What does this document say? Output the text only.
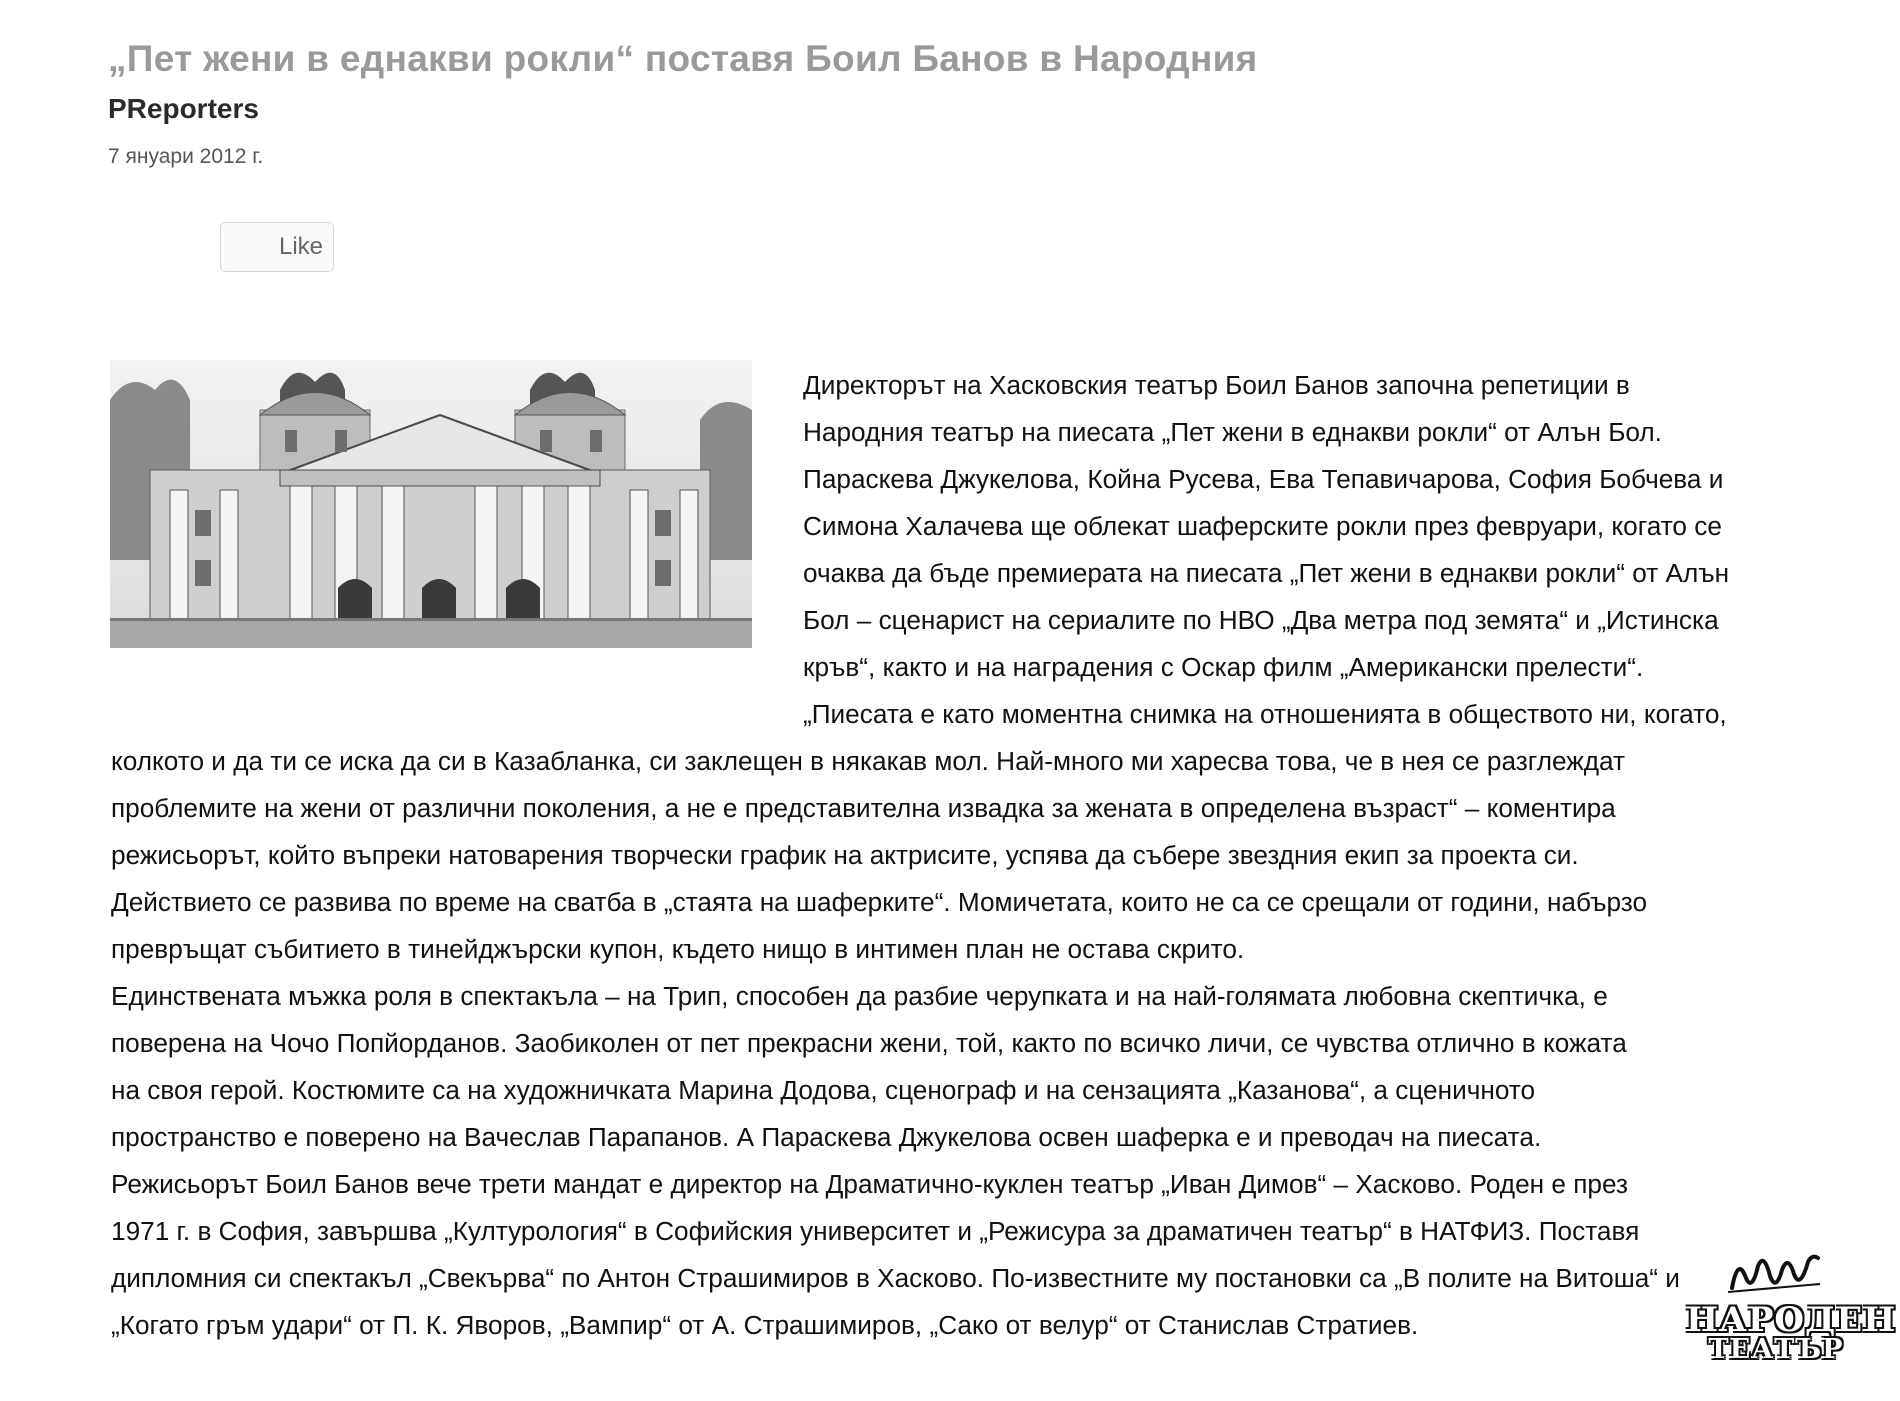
„Пет жени в еднакви рокли“ поставя Боил Банов в Народния
PReporters
7 януари 2012 г.
Like

Директорът на Хасковския театър Боил Банов започна репетиции в
Народния театър на пиесата „Пет жени в еднакви рокли“ от Алън Бол.
Параскева Джукелова, Койна Русева, Ева Тепавичарова, София Бобчева и
Симона Халачева ще облекат шаферските рокли през февруари, когато се
очаква да бъде премиерата на пиесата „Пет жени в еднакви рокли“ от Алън
Бол – сценарист на сериалите по НВО „Два метра под земята“ и „Истинска
кръв“, както и на наградения с Оскар филм „Американски прелести“.

„Пиесата е като моментна снимка на отношенията в обществото ни, когато,
колкото и да ти се иска да си в Казабланка, си заклещен в някакав мол. Най-много ми харесва това, че в нея се разглеждат
проблемите на жени от различни поколения, а не е представителна извадка за жената в определена възраст“ – коментира
режисьорът, който въпреки натоварения творчески график на актрисите, успява да събере звездния екип за проекта си.
Действието се развива по време на сватба в „стаята на шаферките“. Момичетата, които не са се срещали от години, набързо
превръщат събитието в тинейджърски купон, където нищо в интимен план не остава скрито.

Единствената мъжка роля в спектакъла – на Трип, способен да разбие черупката и на най-голямата любовна скептичка, е
поверена на Чочо Попйорданов. Заобиколен от пет прекрасни жени, той, както по всичко личи, се чувства отлично в кожата
на своя герой. Костюмите са на художничката Марина Додова, сценограф и на сензацията „Казанова“, а сценичното
пространство е поверено на Вачеслав Парапанов. А Параскева Джукелова освен шаферка е и преводач на пиесата.

Режисьорът Боил Банов вече трети мандат е директор на Драматично-куклен театър „Иван Димов“ – Хасково. Роден е през
1971 г. в София, завършва „Културология“ в Софийския университет и „Режисура за драматичен театър“ в НАТФИЗ. Поставя
дипломния си спектакъл „Свекърва“ по Антон Страшимиров в Хасково. По-известните му постановки са „В полите на Витоша“ и
„Когато гръм удари“ от П. К. Яворов, „Вампир“ от А. Страшимиров, „Сако от велур“ от Станислав Стратиев.	НАРОДЕН
ТЕАТЪР
